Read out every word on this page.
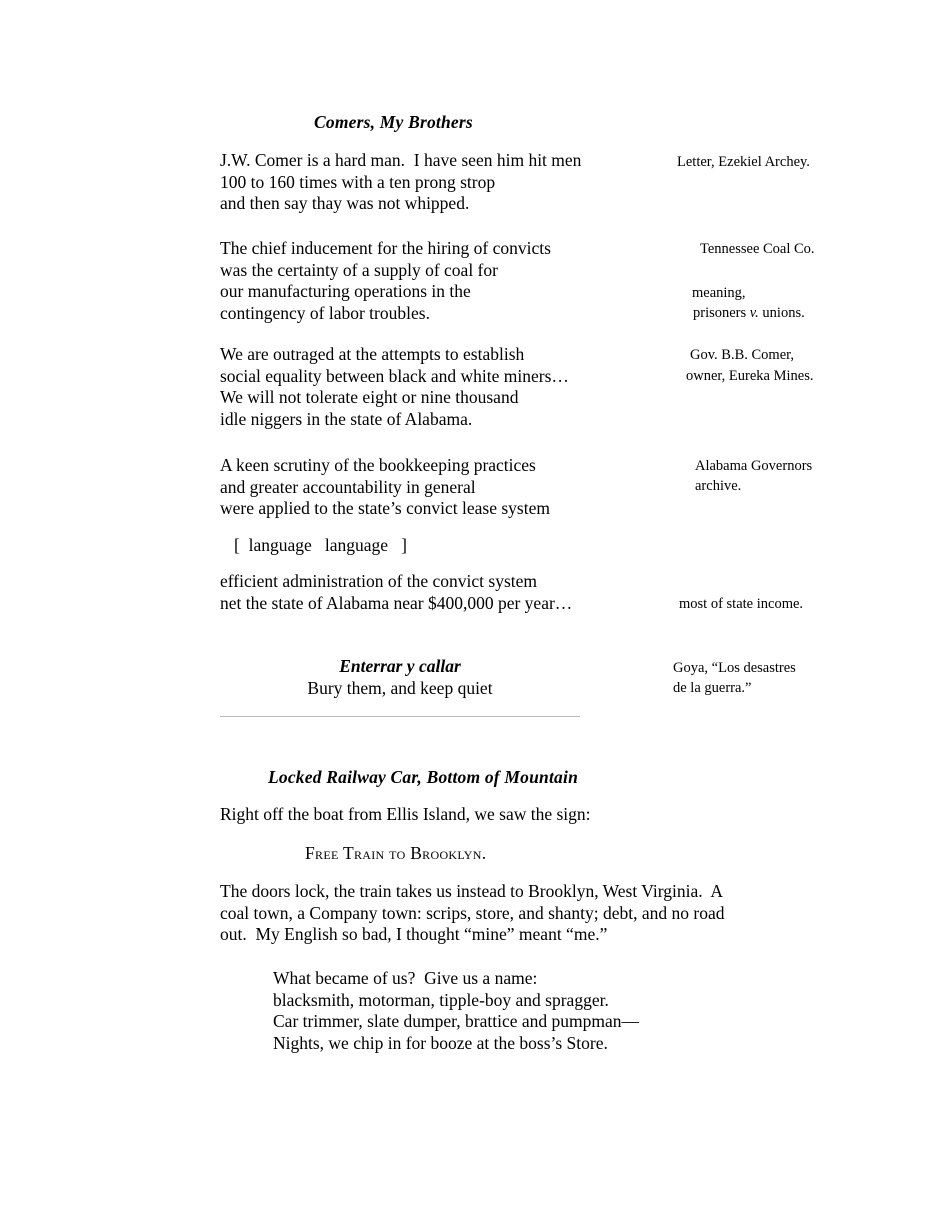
Comers, My Brothers
J.W. Comer is a hard man.  I have seen him hit men
100 to 160 times with a ten prong strop
and then say thay was not whipped.
Letter, Ezekiel Archey.
The chief inducement for the hiring of convicts
was the certainty of a supply of coal for
our manufacturing operations in the
contingency of labor troubles.
Tennessee Coal Co.
meaning,
prisoners v. unions.
We are outraged at the attempts to establish
social equality between black and white miners…
We will not tolerate eight or nine thousand
idle niggers in the state of Alabama.
Gov. B.B. Comer,
owner, Eureka Mines.
A keen scrutiny of the bookkeeping practices
and greater accountability in general
were applied to the state’s convict lease system
Alabama Governors
archive.
[  language   language   ]
efficient administration of the convict system
net the state of Alabama near $400,000 per year…	most of state income.
Enterrar y callar
Bury them, and keep quiet
Goya, “Los desastres
de la guerra.”
Locked Railway Car, Bottom of Mountain
Right off the boat from Ellis Island, we saw the sign:
Free Train to Brooklyn.
The doors lock, the train takes us instead to Brooklyn, West Virginia.  A
coal town, a Company town: scrips, store, and shanty; debt, and no road
out.  My English so bad, I thought “mine” meant “me.”
What became of us?  Give us a name:
blacksmith, motorman, tipple-boy and spragger.
Car trimmer, slate dumper, brattice and pumpman—
Nights, we chip in for booze at the boss’s Store.
